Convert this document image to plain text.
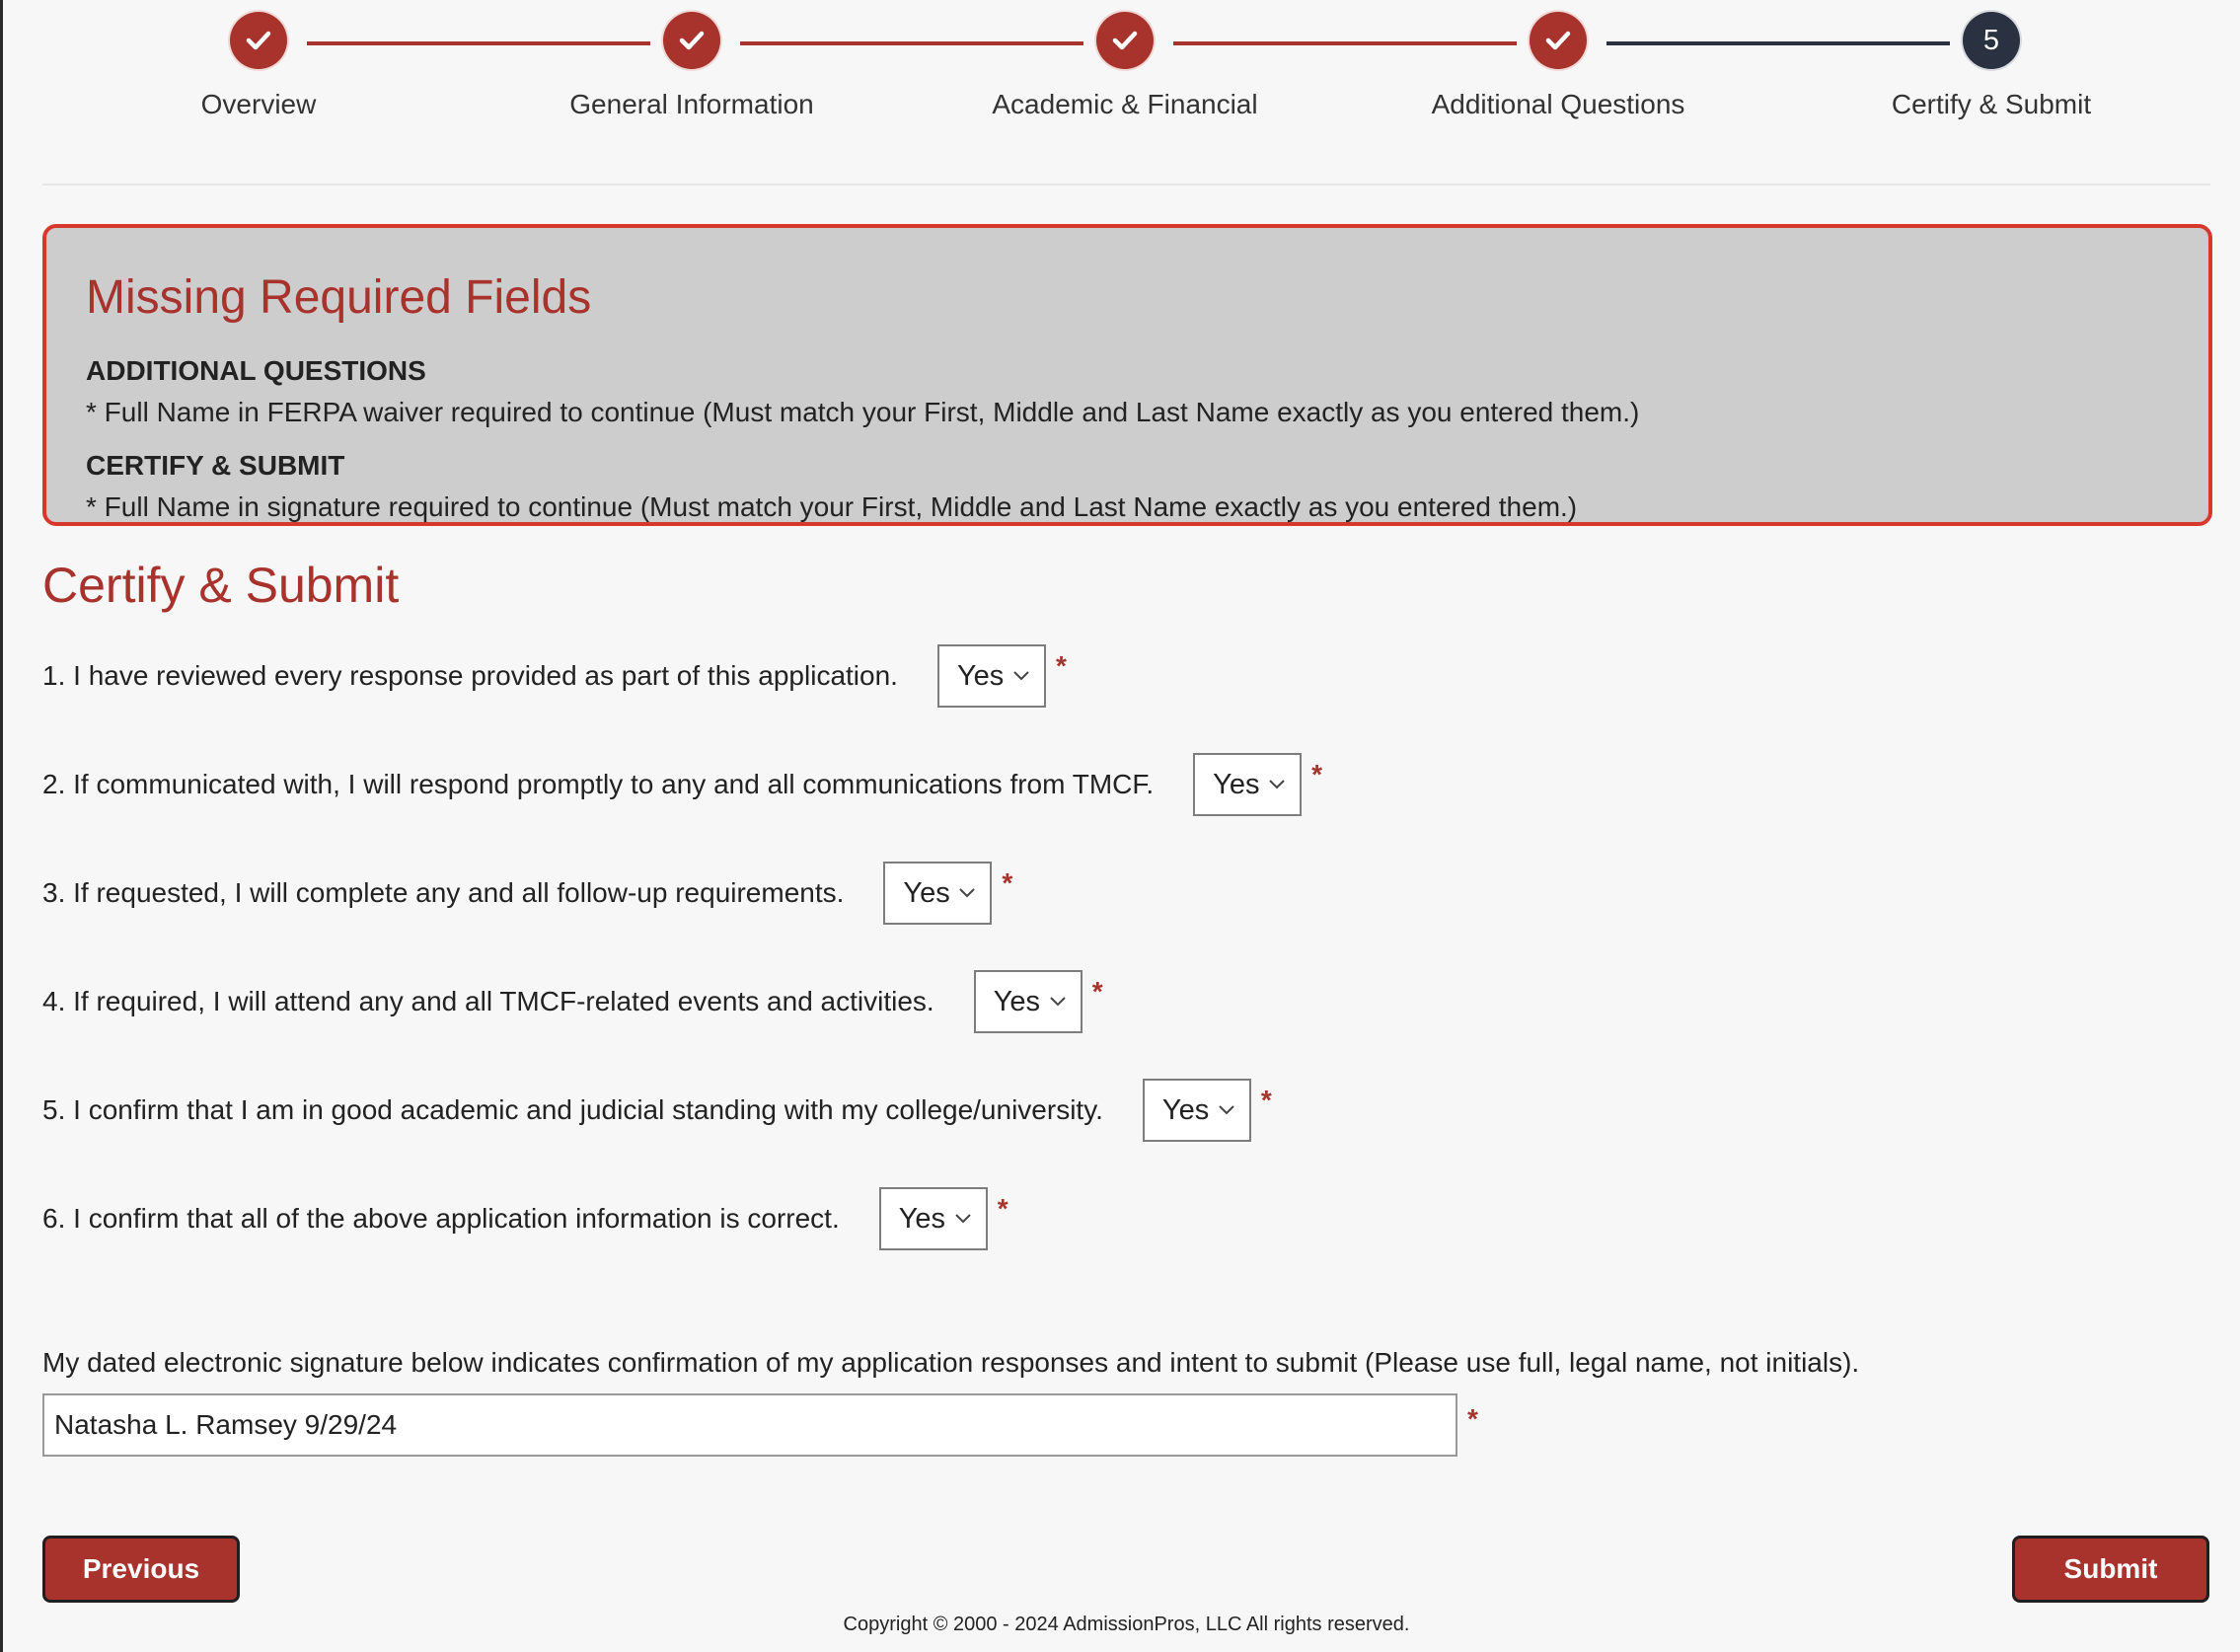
Overview	General Information	Academic & Financial	Additional Questions
5
Certify & Submit
Missing Required Fields
ADDITIONAL QUESTIONS
* Full Name in FERPA waiver required to continue (Must match your First, Middle and Last Name exactly as you entered them.)
CERTIFY & SUBMIT
* Full Name in signature required to continue (Must match your First, Middle and Last Name exactly as you entered them.)
Certify & Submit
1. I have reviewed every response provided as part of this application. Yes *
2. If communicated with, I will respond promptly to any and all communications from TMCF. Yes *
3. If requested, I will complete any and all follow-up requirements. Yes *
4. If required, I will attend any and all TMCF-related events and activities. Yes *
5. I confirm that I am in good academic and judicial standing with my college/university. Yes *
6. I confirm that all of the above application information is correct. Yes *
My dated electronic signature below indicates confirmation of my application responses and intent to submit (Please use full, legal name, not initials).
Natasha L. Ramsey 9/29/24
*
Previous	Submit
Copyright © 2000 - 2024 AdmissionPros, LLC All rights reserved.
